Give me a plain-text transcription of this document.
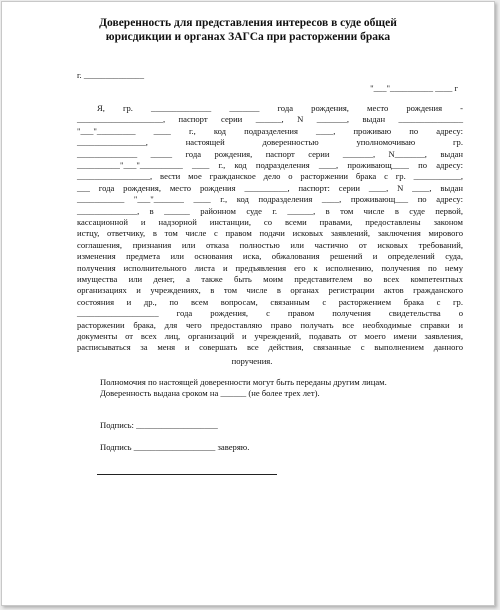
Доверенность для представления интересов в суде общей
юрисдикции и органах ЗАГСа при расторжении брака
г. ______________
"___"__________ ____ г
Я, гр. ______________ _______ года рождения, место рождения -
____________________, паспорт серии ______, N _______, выдан _______________
"___"_________ ____ г., код подразделения ____, проживаю по адресу:
________________, настоящей доверенностью уполномочиваю гр.
______________ _____ года рождения, паспорт серии _______, N_______, выдан
__________"___"__________ ____ г., код подразделения ____, проживающ____ по адресу:
_________________, вести мое гражданское дело о расторжении брака с гр. ___________,
___ года рождения, место рождения __________, паспорт: серии ____, N ____, выдан
___________ "___"_______ ____ г., код подразделения ____, проживающ___ по адресу:
______________, в ______ районном суде г. ______, в том числе в суде первой,
кассационной и надзорной инстанции, со всеми правами, предоставлены законом
истцу, ответчику, в том числе с правом подачи исковых заявлений, заключения мирового
соглашения, признания или отказа полностью или частично от исковых требований,
изменения предмета или основания иска, обжалования решений и определений суда,
получения исполнительного листа и предъявления его к исполнению, получения по нему
имущества или денег, а также быть моим представителем во всех компетентных
организациях и учреждениях, в том числе в органах регистрации актов гражданского
состояния и др., по всем вопросам, связанным с расторжением брака с гр.
___________________ года рождения, с правом получения свидетельства о
расторжении брака, для чего предоставляю право получать все необходимые справки и
документы от всех лиц, организаций и учреждений, подавать от моего имени заявления,
расписываться за меня и совершать все действия, связанные с выполнением данного
поручения.
Полномочия по настоящей доверенности могут быть переданы другим лицам.
Доверенность выдана сроком на ______ (не более трех лет).
Подпись: ___________________
Подпись ___________________ заверяю.
